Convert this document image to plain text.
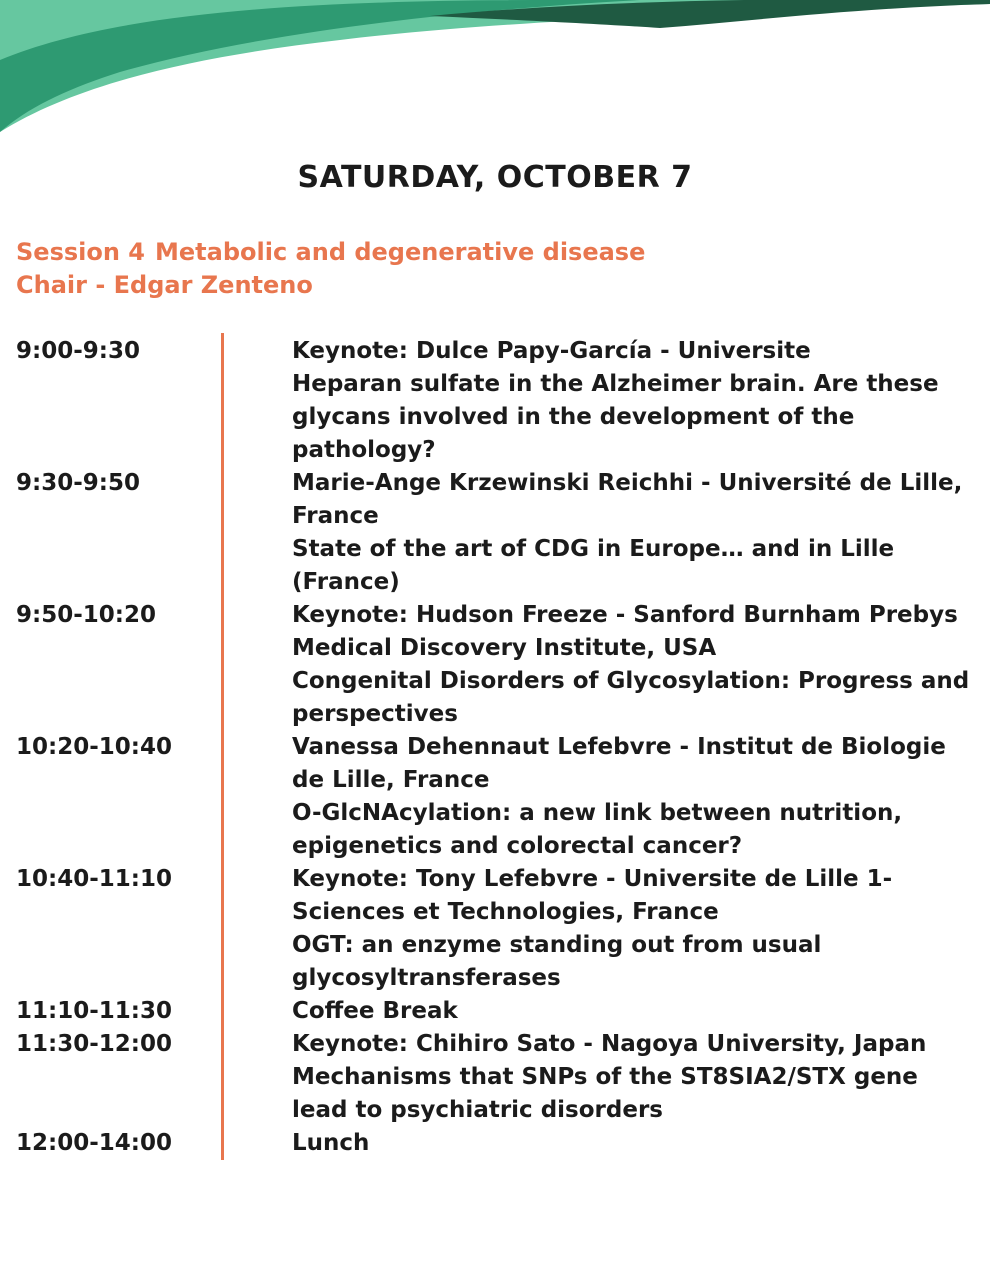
SATURDAY, OCTOBER 7
Session 4 Metabolic and degenerative disease
Chair - Edgar Zenteno
9:00-9:30	Keynote: Dulce Papy-García - Universite
Heparan sulfate in the Alzheimer brain. Are these glycans involved in the development of the pathology?
9:30-9:50	Marie-Ange Krzewinski Reichhi - Université de Lille, France
State of the art of CDG in Europe… and in Lille (France)
9:50-10:20	Keynote: Hudson Freeze - Sanford Burnham Prebys Medical Discovery Institute, USA
Congenital Disorders of Glycosylation: Progress and perspectives
10:20-10:40	Vanessa Dehennaut Lefebvre - Institut de Biologie de Lille, France
O-GlcNAcylation: a new link between nutrition, epigenetics and colorectal cancer?
10:40-11:10	Keynote: Tony Lefebvre - Universite de Lille 1-Sciences et Technologies, France
OGT: an enzyme standing out from usual glycosyltransferases
11:10-11:30	Coffee Break
11:30-12:00	Keynote: Chihiro Sato - Nagoya University, Japan
Mechanisms that SNPs of the ST8SIA2/STX gene lead to psychiatric disorders
12:00-14:00	Lunch
